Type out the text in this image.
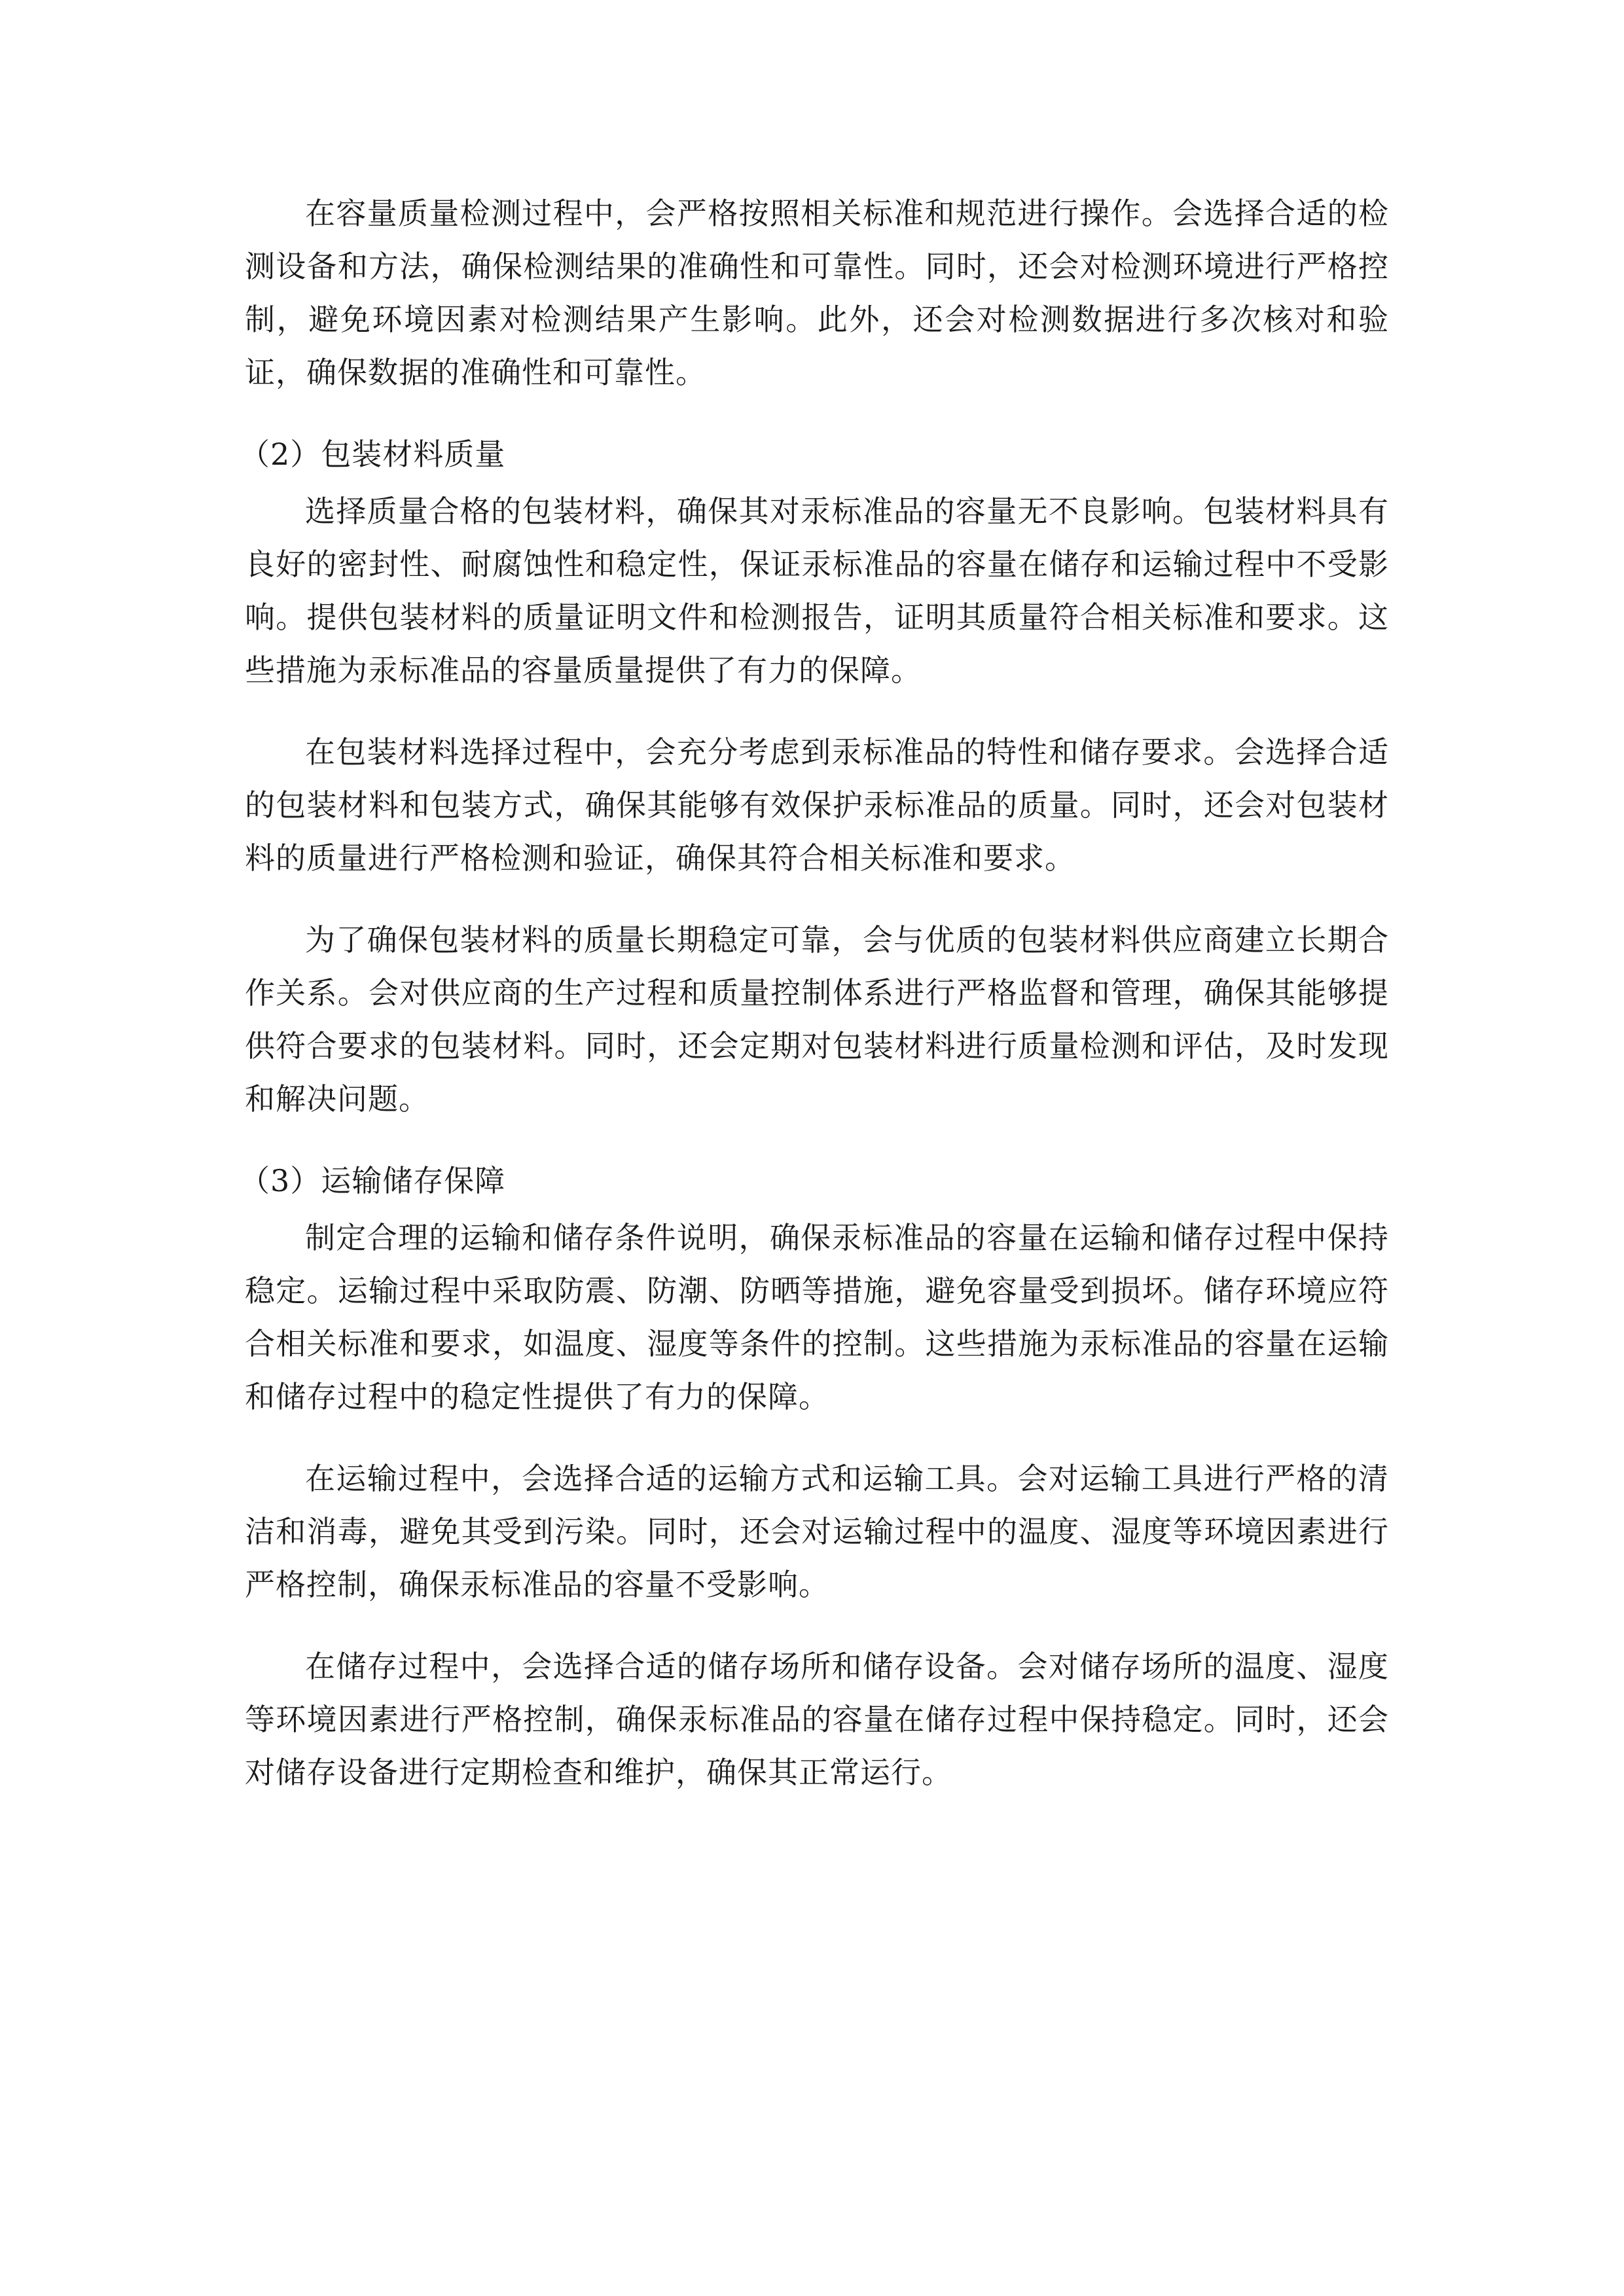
在容量质量检测过程中，会严格按照相关标准和规范进行操作。会选择合适的检测设备和方法，确保检测结果的准确性和可靠性。同时，还会对检测环境进行严格控制，避免环境因素对检测结果产生影响。此外，还会对检测数据进行多次核对和验证，确保数据的准确性和可靠性。

（2）包装材料质量

选择质量合格的包装材料，确保其对汞标准品的容量无不良影响。包装材料具有良好的密封性、耐腐蚀性和稳定性，保证汞标准品的容量在储存和运输过程中不受影响。提供包装材料的质量证明文件和检测报告，证明其质量符合相关标准和要求。这些措施为汞标准品的容量质量提供了有力的保障。

在包装材料选择过程中，会充分考虑到汞标准品的特性和储存要求。会选择合适的包装材料和包装方式，确保其能够有效保护汞标准品的质量。同时，还会对包装材料的质量进行严格检测和验证，确保其符合相关标准和要求。

为了确保包装材料的质量长期稳定可靠，会与优质的包装材料供应商建立长期合作关系。会对供应商的生产过程和质量控制体系进行严格监督和管理，确保其能够提供符合要求的包装材料。同时，还会定期对包装材料进行质量检测和评估，及时发现和解决问题。

（3）运输储存保障

制定合理的运输和储存条件说明，确保汞标准品的容量在运输和储存过程中保持稳定。运输过程中采取防震、防潮、防晒等措施，避免容量受到损坏。储存环境应符合相关标准和要求，如温度、湿度等条件的控制。这些措施为汞标准品的容量在运输和储存过程中的稳定性提供了有力的保障。

在运输过程中，会选择合适的运输方式和运输工具。会对运输工具进行严格的清洁和消毒，避免其受到污染。同时，还会对运输过程中的温度、湿度等环境因素进行严格控制，确保汞标准品的容量不受影响。

在储存过程中，会选择合适的储存场所和储存设备。会对储存场所的温度、湿度等环境因素进行严格控制，确保汞标准品的容量在储存过程中保持稳定。同时，还会对储存设备进行定期检查和维护，确保其正常运行。
